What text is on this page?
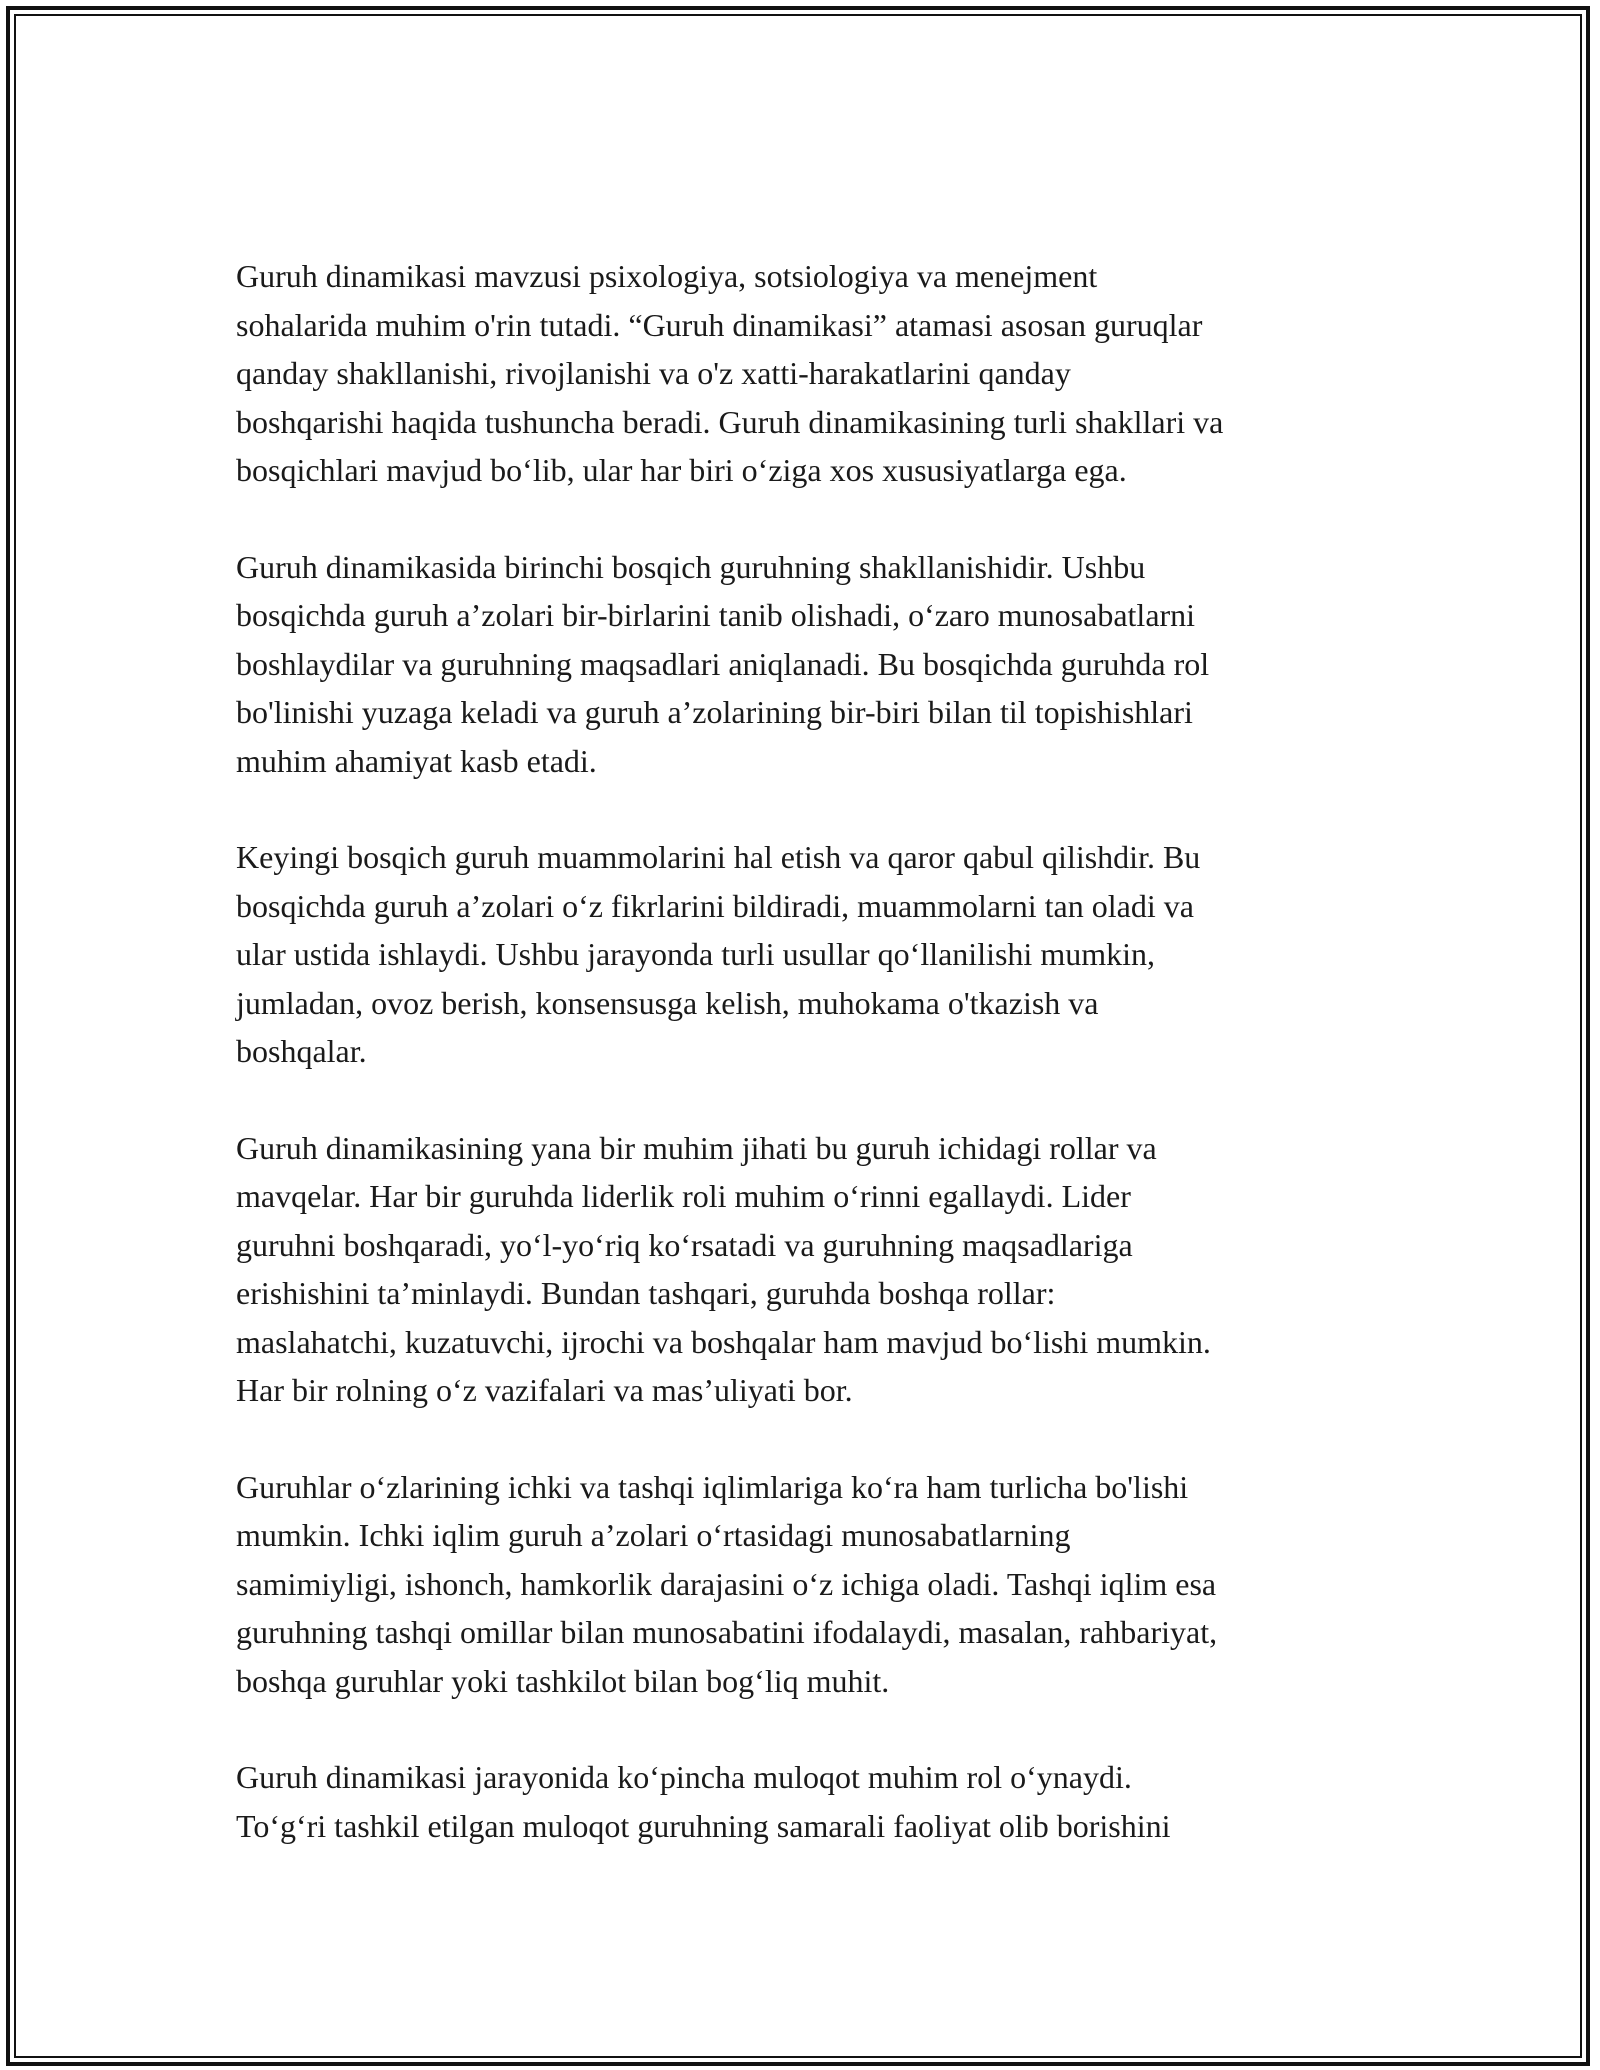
Guruh dinamikasi mavzusi psixologiya, sotsiologiya va menejment
sohalarida muhim o'rin tutadi. “Guruh dinamikasi” atamasi asosan guruqlar
qanday shakllanishi, rivojlanishi va o'z xatti-harakatlarini qanday
boshqarishi haqida tushuncha beradi. Guruh dinamikasining turli shakllari va
bosqichlari mavjud bo‘lib, ular har biri o‘ziga xos xususiyatlarga ega.

Guruh dinamikasida birinchi bosqich guruhning shakllanishidir. Ushbu
bosqichda guruh a’zolari bir-birlarini tanib olishadi, o‘zaro munosabatlarni
boshlaydilar va guruhning maqsadlari aniqlanadi. Bu bosqichda guruhda rol
bo'linishi yuzaga keladi va guruh a’zolarining bir-biri bilan til topishishlari
muhim ahamiyat kasb etadi.

Keyingi bosqich guruh muammolarini hal etish va qaror qabul qilishdir. Bu
bosqichda guruh a’zolari o‘z fikrlarini bildiradi, muammolarni tan oladi va
ular ustida ishlaydi. Ushbu jarayonda turli usullar qo‘llanilishi mumkin,
jumladan, ovoz berish, konsensusga kelish, muhokama o'tkazish va
boshqalar.

Guruh dinamikasining yana bir muhim jihati bu guruh ichidagi rollar va
mavqelar. Har bir guruhda liderlik roli muhim o‘rinni egallaydi. Lider
guruhni boshqaradi, yo‘l-yo‘riq ko‘rsatadi va guruhning maqsadlariga
erishishini ta’minlaydi. Bundan tashqari, guruhda boshqa rollar:
maslahatchi, kuzatuvchi, ijrochi va boshqalar ham mavjud bo‘lishi mumkin.
Har bir rolning o‘z vazifalari va mas’uliyati bor.

Guruhlar o‘zlarining ichki va tashqi iqlimlariga ko‘ra ham turlicha bo'lishi
mumkin. Ichki iqlim guruh a’zolari o‘rtasidagi munosabatlarning
samimiyligi, ishonch, hamkorlik darajasini o‘z ichiga oladi. Tashqi iqlim esa
guruhning tashqi omillar bilan munosabatini ifodalaydi, masalan, rahbariyat,
boshqa guruhlar yoki tashkilot bilan bog‘liq muhit.

Guruh dinamikasi jarayonida ko‘pincha muloqot muhim rol o‘ynaydi.
To‘g‘ri tashkil etilgan muloqot guruhning samarali faoliyat olib borishini
